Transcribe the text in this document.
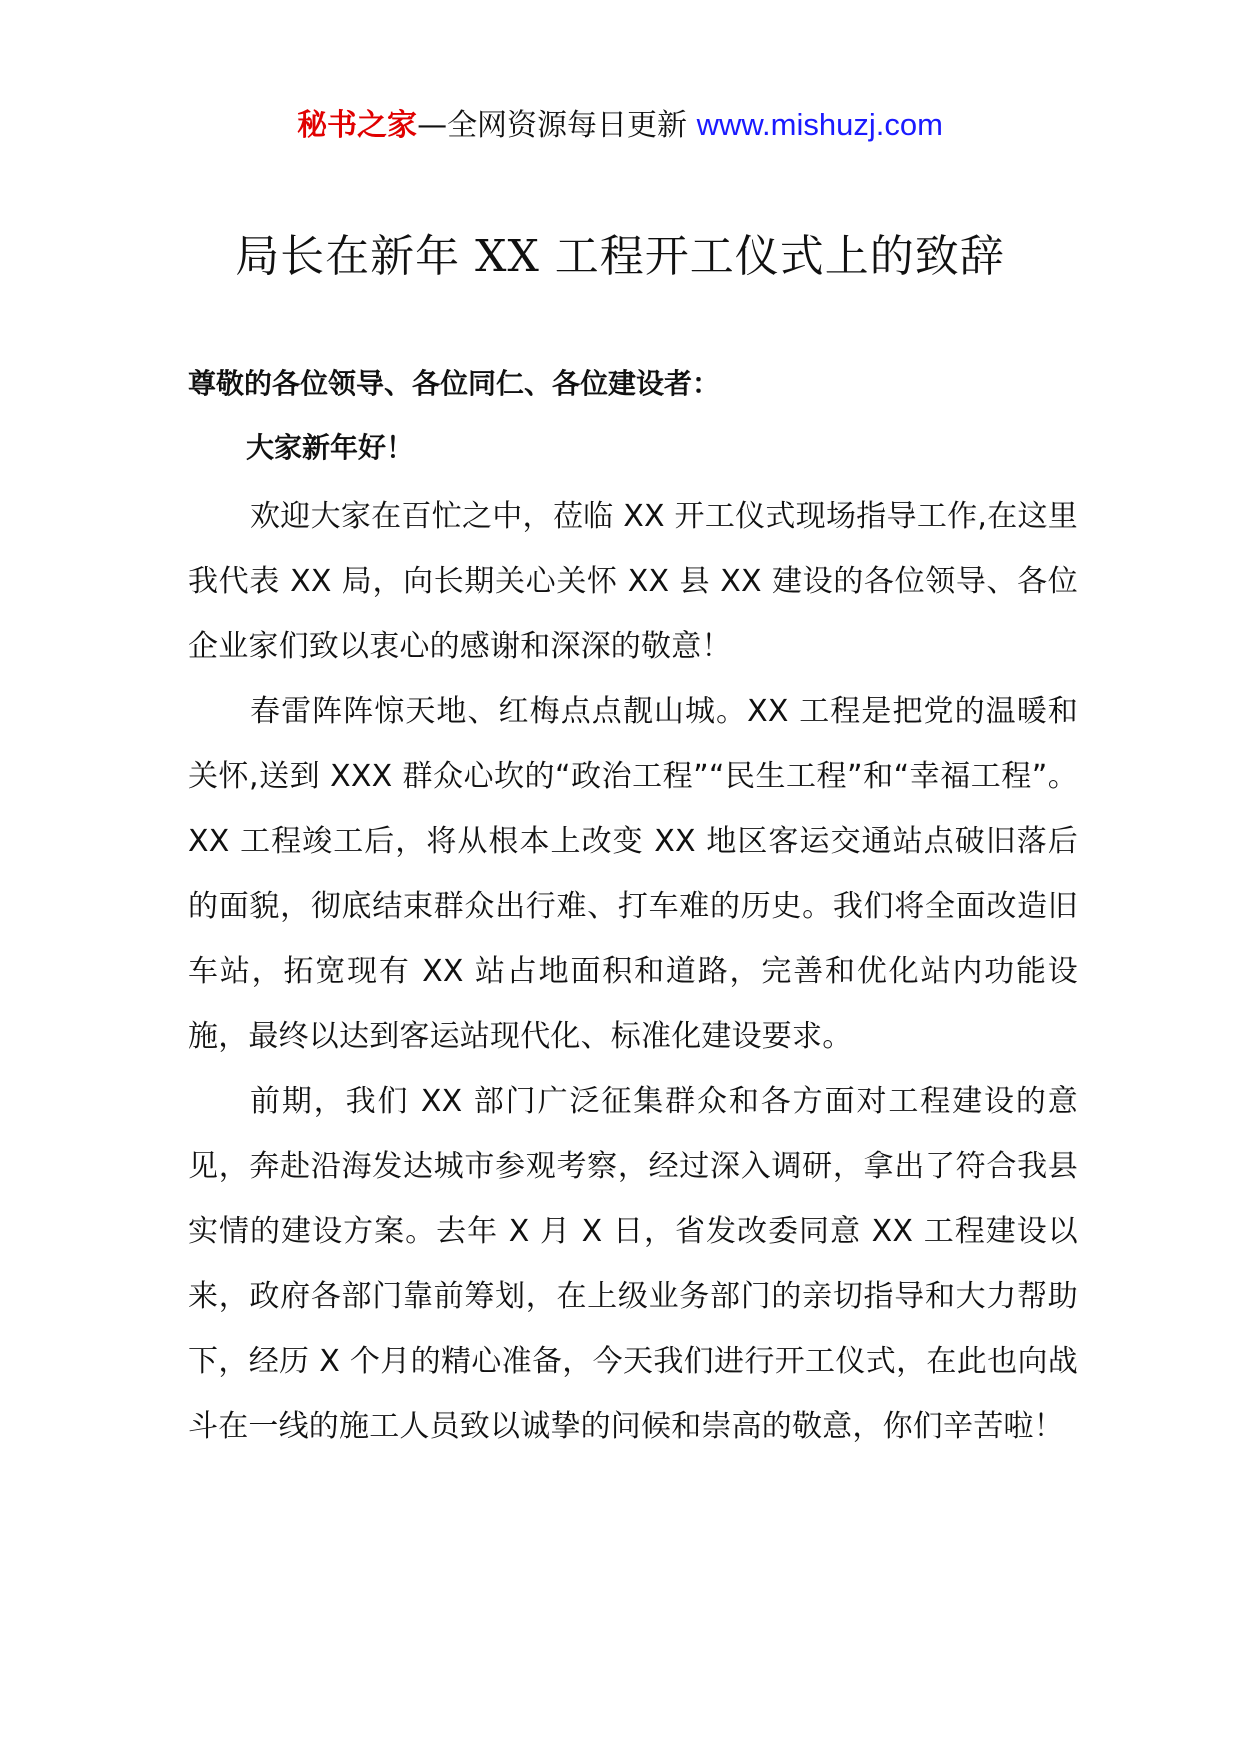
秘书之家—全网资源每日更新 www.mishuzj.com
局长在新年 XX 工程开工仪式上的致辞

尊敬的各位领导、各位同仁、各位建设者：

大家新年好！

欢迎大家在百忙之中，莅临 XX 开工仪式现场指导工作,在这里我代表 XX 局，向长期关心关怀 XX 县 XX 建设的各位领导、各位企业家们致以衷心的感谢和深深的敬意！

春雷阵阵惊天地、红梅点点靓山城。XX 工程是把党的温暖和关怀,送到 XXX 群众心坎的“政治工程”“民生工程”和“幸福工程”。XX 工程竣工后，将从根本上改变 XX 地区客运交通站点破旧落后的面貌，彻底结束群众出行难、打车难的历史。我们将全面改造旧车站，拓宽现有 XX 站占地面积和道路，完善和优化站内功能设施，最终以达到客运站现代化、标准化建设要求。

前期，我们 XX 部门广泛征集群众和各方面对工程建设的意见，奔赴沿海发达城市参观考察，经过深入调研，拿出了符合我县实情的建设方案。去年 X 月 X 日，省发改委同意 XX 工程建设以来，政府各部门靠前筹划，在上级业务部门的亲切指导和大力帮助下，经历 X 个月的精心准备，今天我们进行开工仪式，在此也向战斗在一线的施工人员致以诚挚的问候和崇高的敬意，你们辛苦啦！
